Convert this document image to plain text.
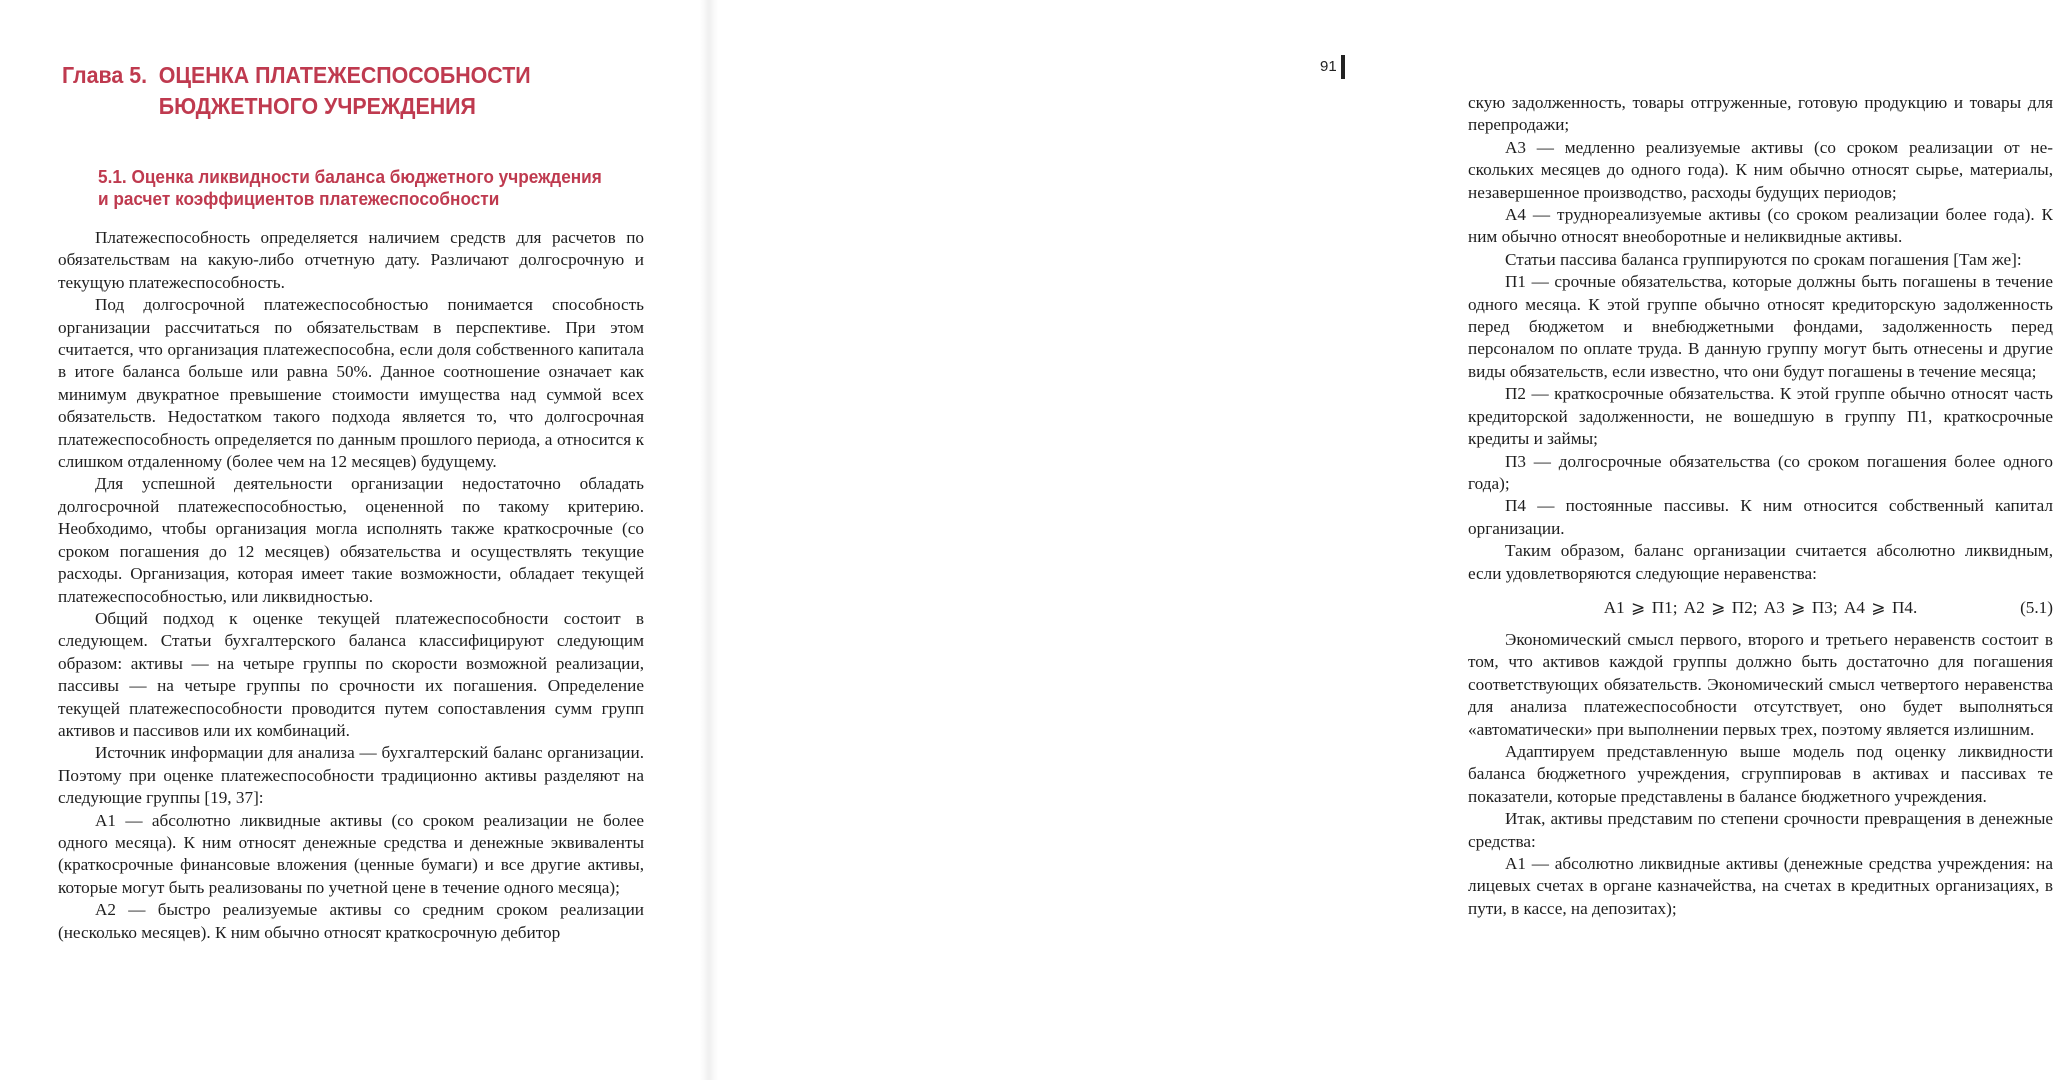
Глава 5. ОЦЕНКА ПЛАТЕЖЕСПОСОБНОСТИ
БЮДЖЕТНОГО УЧРЕЖДЕНИЯ
5.1. Оценка ликвидности баланса бюджетного учреждения
и расчет коэффициентов платежеспособности

Платежеспособность определяется наличием средств для расчетов по обязательствам на какую-либо отчетную дату. Различают долгосрочную и текущую платежеспособность.

Под долгосрочной платежеспособностью понимается способность организации рассчитаться по обязательствам в перспективе. При этом считается, что организация платежеспособна, если доля собственного капитала в итоге баланса больше или равна 50%. Данное соотношение означает как минимум двукратное превышение стоимости имущества над суммой всех обязательств. Недостатком такого подхода является то, что долгосрочная платежеспособность определяется по данным прошлого периода, а относится к слишком отдаленному (более чем на 12 месяцев) будущему.

Для успешной деятельности организации недостаточно обладать долгосрочной платежеспособностью, оцененной по такому критерию. Необходимо, чтобы организация могла исполнять также краткосрочные (со сроком погашения до 12 месяцев) обязательства и осуществлять текущие расходы. Организация, которая имеет такие возможности, обладает текущей платежеспособностью, или ликвидностью.

Общий подход к оценке текущей платежеспособности состоит в следующем. Статьи бухгалтерского баланса классифицируют следующим образом: активы — на четыре группы по скорости возможной реализации, пассивы — на четыре группы по срочности их погашения. Определение текущей платежеспособности проводится путем сопоставления сумм групп активов и пассивов или их комбинаций.

Источник информации для анализа — бухгалтерский баланс организации. Поэтому при оценке платежеспособности традиционно активы разделяют на следующие группы [19, 37]:

А1 — абсолютно ликвидные активы (со сроком реализации не более одного месяца). К ним относят денежные средства и денежные эквиваленты (краткосрочные финансовые вложения (ценные бумаги) и все другие активы, которые могут быть реализованы по учетной цене в течение одного месяца);

А2 — быстро реализуемые активы со средним сроком реализации (несколько месяцев). К ним обычно относят краткосрочную дебитор

91

скую задолженность, товары отгруженные, готовую продукцию и товары для перепродажи;

А3 — медленно реализуемые активы (со сроком реализации от нескольких месяцев до одного года). К ним обычно относят сырье, материалы, незавершенное производство, расходы будущих периодов;

А4 — труднореализуемые активы (со сроком реализации более года). К ним обычно относят внеоборотные и неликвидные активы.

Статьи пассива баланса группируются по срокам погашения [Там же]:

П1 — срочные обязательства, которые должны быть погашены в течение одного месяца. К этой группе обычно относят кредиторскую задолженность перед бюджетом и внебюджетными фондами, задолженность перед персоналом по оплате труда. В данную группу могут быть отнесены и другие виды обязательств, если известно, что они будут погашены в течение месяца;

П2 — краткосрочные обязательства. К этой группе обычно относят часть кредиторской задолженности, не вошедшую в группу П1, краткосрочные кредиты и займы;

П3 — долгосрочные обязательства (со сроком погашения более одного года);

П4 — постоянные пассивы. К ним относится собственный капитал организации.

Таким образом, баланс организации считается абсолютно ликвидным, если удовлетворяются следующие неравенства:

А1 ⩾ П1; А2 ⩾ П2; А3 ⩾ П3; А4 ⩾ П4.	(5.1)

Экономический смысл первого, второго и третьего неравенств состоит в том, что активов каждой группы должно быть достаточно для погашения соответствующих обязательств. Экономический смысл четвертого неравенства для анализа платежеспособности отсутствует, оно будет выполняться «автоматически» при выполнении первых трех, поэтому является излишним.

Адаптируем представленную выше модель под оценку ликвидности баланса бюджетного учреждения, сгруппировав в активах и пассивах те показатели, которые представлены в балансе бюджетного учреждения.

Итак, активы представим по степени срочности превращения в денежные средства:

А1 — абсолютно ликвидные активы (денежные средства учреждения: на лицевых счетах в органе казначейства, на счетах в кредитных организациях, в пути, в кассе, на депозитах);
